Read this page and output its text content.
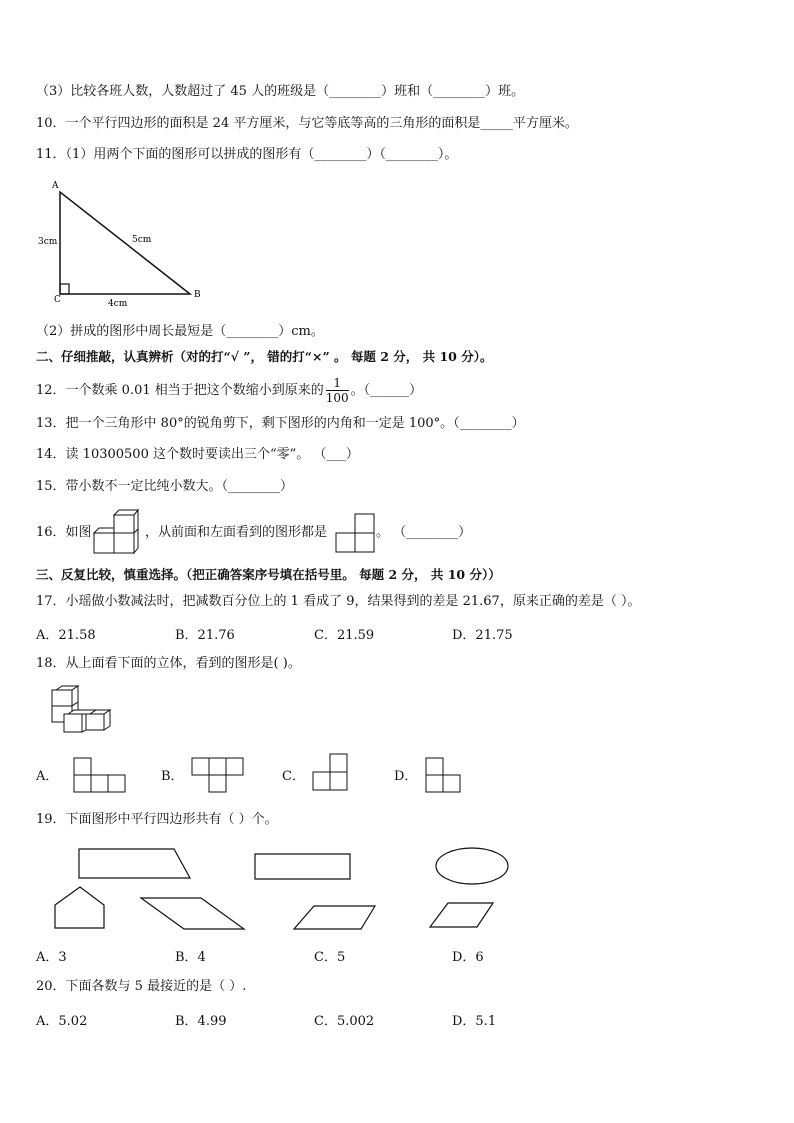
（3）比较各班人数，人数超过了 45 人的班级是（________）班和（________）班。
10．一个平行四边形的面积是 24 平方厘米，与它等底等高的三角形的面积是_____平方厘米。
11．（1）用两个下面的图形可以拼成的图形有（________）（________）。
A
B
C
3cm	5cm
4cm
（2）拼成的图形中周长最短是（________）cm。
二、仔细推敲，认真辨析（对的打“√ ”， 错的打“×” 。 每题 2 分， 共 10 分）。
12．一个数乘 0.01 相当于把这个数缩小到原来的 $\frac{1}{100}$ 。（______）
13．把一个三角形中 80°的锐角剪下，剩下图形的内角和一定是 100°。（________）
14．读 10300500 这个数时要读出三个“零”。 （___）
15．带小数不一定比纯小数大。（________）
16．如图	，从前面和左面看到的图形都是	。 （________）
三、反复比较，慎重选择。（把正确答案序号填在括号里。 每题 2 分， 共 10 分））
17．小瑶做小数减法时，把减数百分位上的 1 看成了 9，结果得到的差是 21.67，原来正确的差是（ ）。
A．21.58	B．21.76	C．21.59	D．21.75
18．从上面看下面的立体，看到的图形是( )。
A．	B．	C．	D．
19．下面图形中平行四边形共有（ ）个。
A．3	B．4	C．5	D．6
20．下面各数与 5 最接近的是（ ）.
A．5.02	B．4.99	C．5.002	D．5.1
